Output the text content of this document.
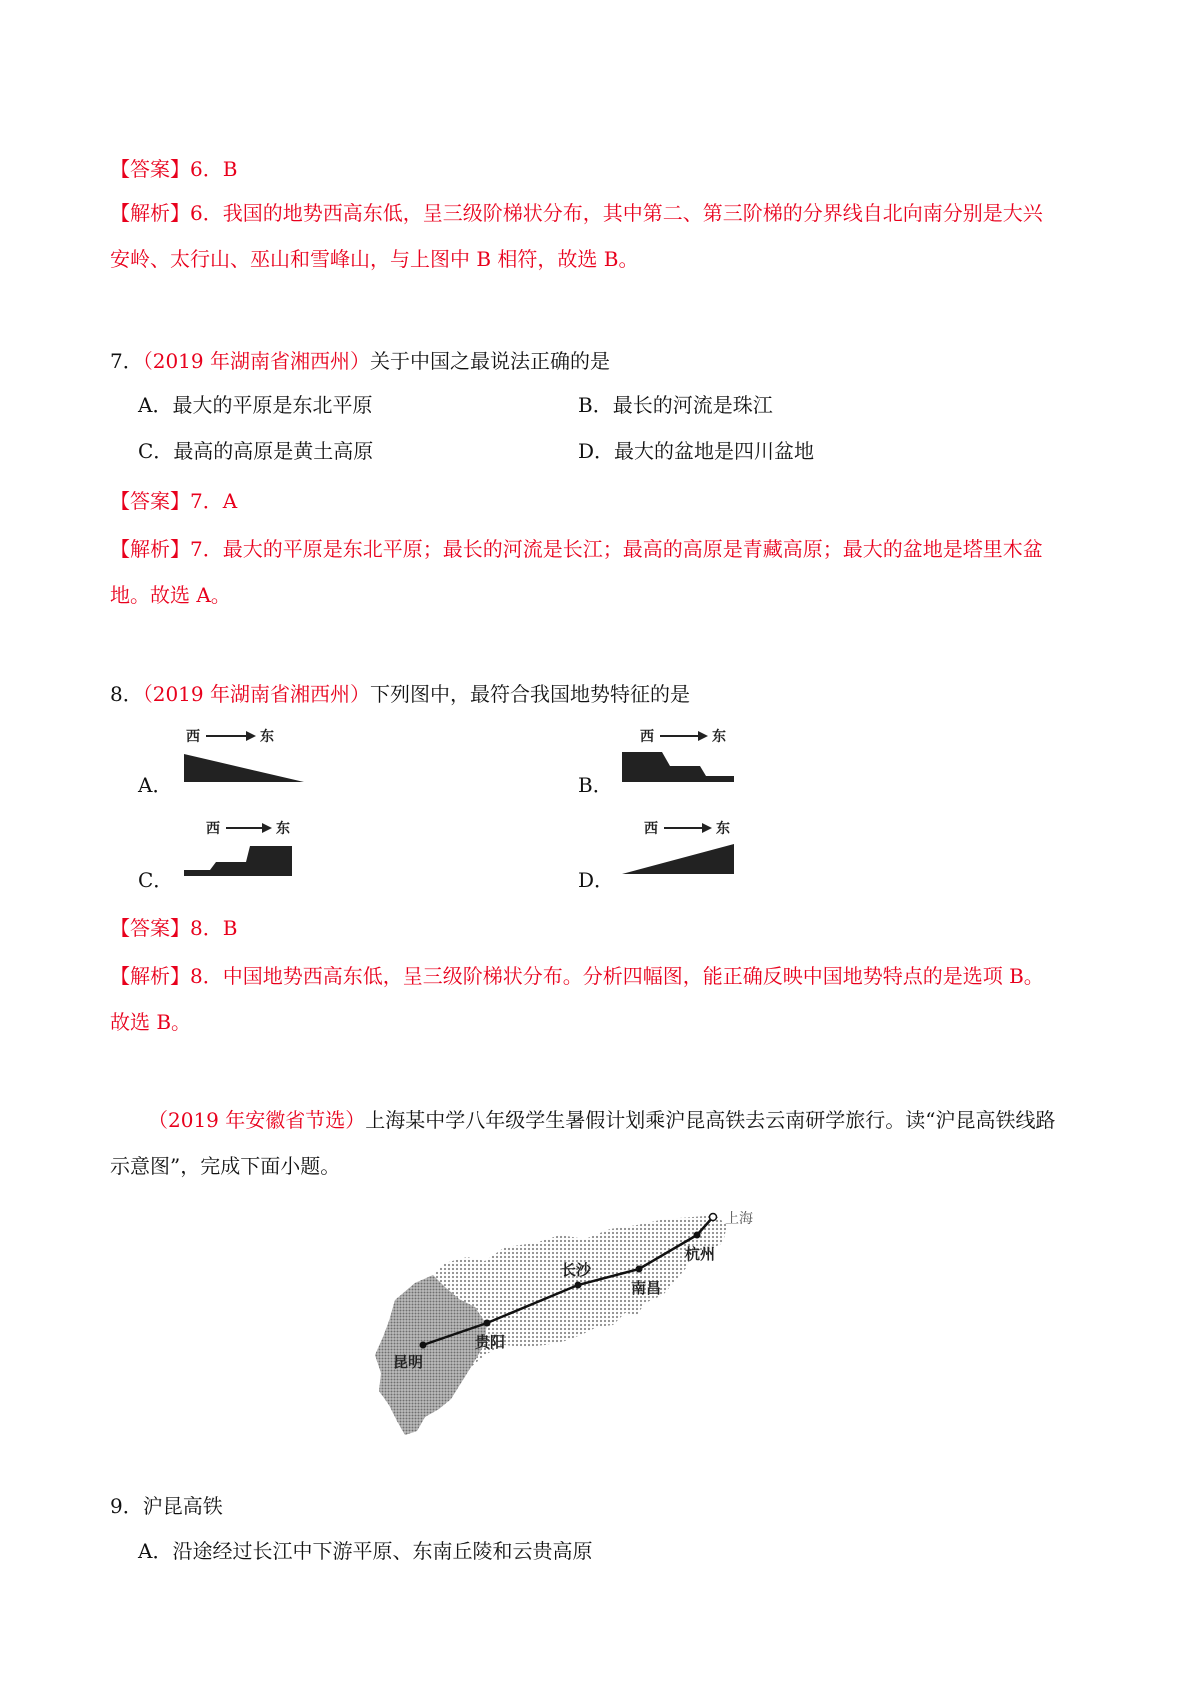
【答案】6．B
【解析】6．我国的地势西高东低，呈三级阶梯状分布，其中第二、第三阶梯的分界线自北向南分别是大兴
安岭、太行山、巫山和雪峰山，与上图中 B 相符，故选 B。
7．（2019 年湖南省湘西州）关于中国之最说法正确的是
A．最大的平原是东北平原	B．最长的河流是珠江
C．最高的高原是黄土高原	D．最大的盆地是四川盆地
【答案】7．A
【解析】7．最大的平原是东北平原；最长的河流是长江；最高的高原是青藏高原；最大的盆地是塔里木盆
地。故选 A。
8．（2019 年湖南省湘西州）下列图中，最符合我国地势特征的是
A．
西	东
B．
西	东
C．
西	东
D．
西	东
【答案】8．B
【解析】8．中国地势西高东低，呈三级阶梯状分布。分析四幅图，能正确反映中国地势特点的是选项 B。
故选 B。
（2019 年安徽省节选）上海某中学八年级学生暑假计划乘沪昆高铁去云南研学旅行。读“沪昆高铁线路
示意图”，完成下面小题。
上海
杭州
长沙
南昌
贵阳
昆明
9．沪昆高铁
A．沿途经过长江中下游平原、东南丘陵和云贵高原
